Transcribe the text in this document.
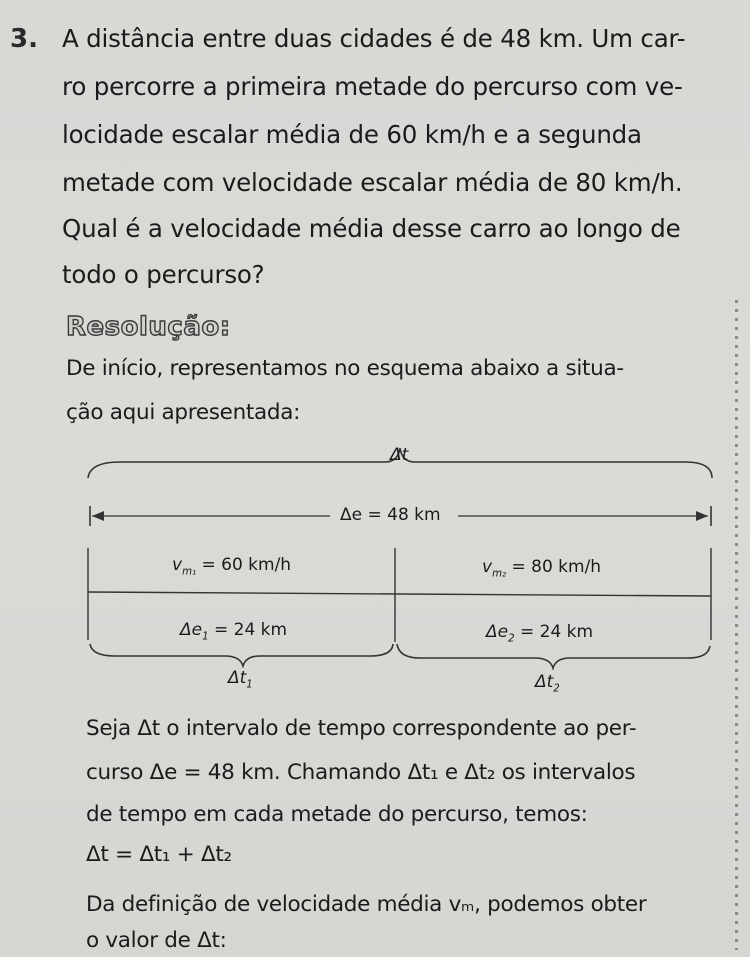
3. A distância entre duas cidades é de 48 km. Um car-
ro percorre a primeira metade do percurso com ve-
locidade escalar média de 60 km/h e a segunda
metade com velocidade escalar média de 80 km/h.
Qual é a velocidade média desse carro ao longo de
todo o percurso?
Resolução:
De início, representamos no esquema abaixo a situa-
ção aqui apresentada:
Δt
Δe = 48 km
$v_{m_1} = 60$ km/h	$v_{m_2} = 80$ km/h
$\Delta e_1 = 24$ km	$\Delta e_2 = 24$ km
$\Delta t_1$	$\Delta t_2$
Seja Δt o intervalo de tempo correspondente ao per-
curso Δe = 48 km. Chamando Δt₁ e Δt₂ os intervalos
de tempo em cada metade do percurso, temos:
Δt = Δt₁ + Δt₂
Da definição de velocidade média vₘ, podemos obter
o valor de Δt:
